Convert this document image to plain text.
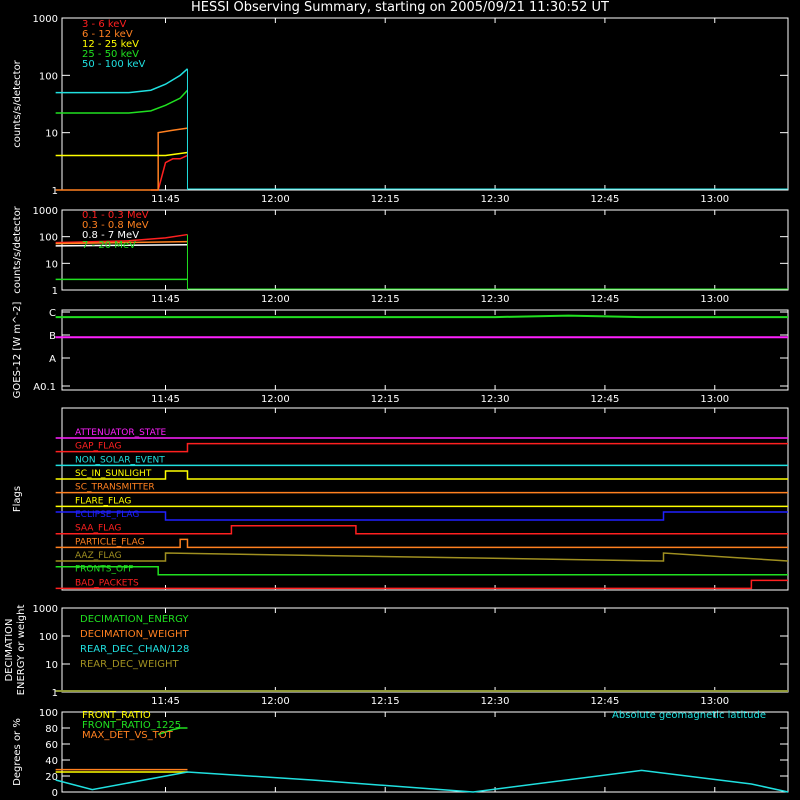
HESSI Observing Summary, starting on 2005/09/21 11:30:52 UT
1
10
100
1000
counts/s/detector
3 - 6 keV
6 - 12 keV
12 - 25 keV
25 - 50 keV
50 - 100 keV
11:45	12:00	12:15	12:30	12:45	13:00
1
10
100
1000
counts/s/detector	0.1 - 0.3 MeV
0.3 - 0.8 MeV
0.8 - 7 MeV
7 - 20 MeV
11:45	12:00	12:15	12:30	12:45	13:00
A0.1
A
B
C
GOES-12 [W m^-2]
11:45	12:00	12:15	12:30	12:45	13:00
Flags
ATTENUATOR_STATE
GAP_FLAG
NON_SOLAR_EVENT
SC_IN_SUNLIGHT
SC_TRANSMITTER
FLARE_FLAG
ECLIPSE_FLAG
SAA_FLAG
PARTICLE_FLAG
AAZ_FLAG
FRONTS_OFF
BAD_PACKETS
1
10
100
1000
DECIMATION ENERGY or weight	DECIMATION_ENERGY
DECIMATION_WEIGHT
REAR_DEC_CHAN/128
REAR_DEC_WEIGHT
11:45	12:00	12:15	12:30	12:45	13:00
0
20
40
60
80
100
Degrees or %
FRONT_RATIO
FRONT_RATIO_1225
MAX_DET_VS_TOT
Absolute geomagnetic latitude
